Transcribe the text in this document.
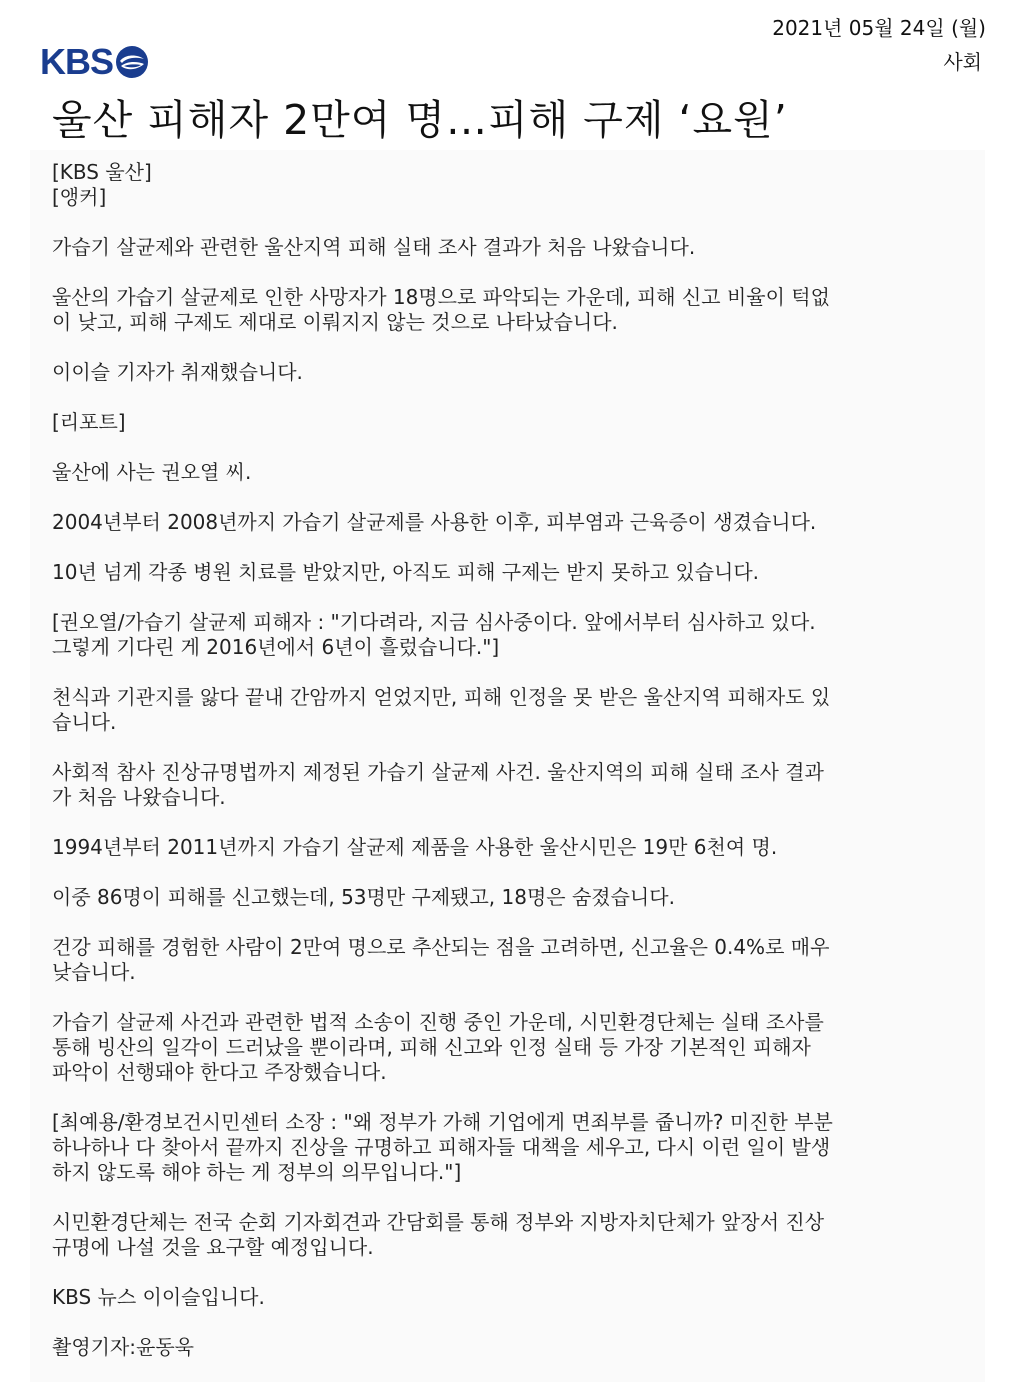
KBS
2021년 05월 24일 (월)
사회
울산 피해자 2만여 명…피해 구제 ‘요원’
[KBS 울산]
[앵커]

가습기 살균제와 관련한 울산지역 피해 실태 조사 결과가 처음 나왔습니다.

울산의 가습기 살균제로 인한 사망자가 18명으로 파악되는 가운데, 피해 신고 비율이 턱없
이 낮고, 피해 구제도 제대로 이뤄지지 않는 것으로 나타났습니다.

이이슬 기자가 취재했습니다.

[리포트]

울산에 사는 권오열 씨.

2004년부터 2008년까지 가습기 살균제를 사용한 이후, 피부염과 근육증이 생겼습니다.

10년 넘게 각종 병원 치료를 받았지만, 아직도 피해 구제는 받지 못하고 있습니다.

[권오열/가습기 살균제 피해자 : "기다려라, 지금 심사중이다. 앞에서부터 심사하고 있다.
그렇게 기다린 게 2016년에서 6년이 흘렀습니다."]

천식과 기관지를 앓다 끝내 간암까지 얻었지만, 피해 인정을 못 받은 울산지역 피해자도 있
습니다.

사회적 참사 진상규명법까지 제정된 가습기 살균제 사건. 울산지역의 피해 실태 조사 결과
가 처음 나왔습니다.

1994년부터 2011년까지 가습기 살균제 제품을 사용한 울산시민은 19만 6천여 명.

이중 86명이 피해를 신고했는데, 53명만 구제됐고, 18명은 숨졌습니다.

건강 피해를 경험한 사람이 2만여 명으로 추산되는 점을 고려하면, 신고율은 0.4%로 매우
낮습니다.

가습기 살균제 사건과 관련한 법적 소송이 진행 중인 가운데, 시민환경단체는 실태 조사를
통해 빙산의 일각이 드러났을 뿐이라며, 피해 신고와 인정 실태 등 가장 기본적인 피해자
파악이 선행돼야 한다고 주장했습니다.

[최예용/환경보건시민센터 소장 : "왜 정부가 가해 기업에게 면죄부를 줍니까? 미진한 부분
하나하나 다 찾아서 끝까지 진상을 규명하고 피해자들 대책을 세우고, 다시 이런 일이 발생
하지 않도록 해야 하는 게 정부의 의무입니다."]

시민환경단체는 전국 순회 기자회견과 간담회를 통해 정부와 지방자치단체가 앞장서 진상
규명에 나설 것을 요구할 예정입니다.

KBS 뉴스 이이슬입니다.

촬영기자:윤동욱
